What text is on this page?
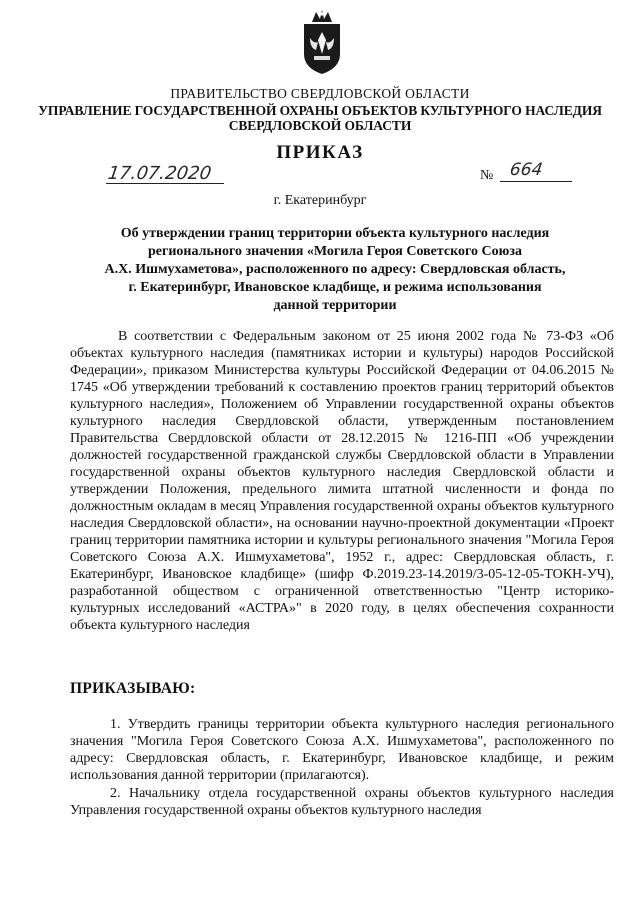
ПРАВИТЕЛЬСТВО СВЕРДЛОВСКОЙ ОБЛАСТИ
УПРАВЛЕНИЕ ГОСУДАРСТВЕННОЙ ОХРАНЫ ОБЪЕКТОВ КУЛЬТУРНОГО НАСЛЕДИЯ
СВЕРДЛОВСКОЙ ОБЛАСТИ
ПРИКАЗ
17.07.2020	№ 664
г. Екатеринбург
Об утверждении границ территории объекта культурного наследия
регионального значения «Могила Героя Советского Союза
А.Х. Ишмухаметова», расположенного по адресу: Свердловская область,
г. Екатеринбург, Ивановское кладбище, и режима использования
данной территории

В соответствии с Федеральным законом от 25 июня 2002 года № 73-ФЗ «Об объектах культурного наследия (памятниках истории и культуры) народов Российской Федерации», приказом Министерства культуры Российской Федерации от 04.06.2015 № 1745 «Об утверждении требований к составлению проектов границ территорий объектов культурного наследия», Положением об Управлении государственной охраны объектов культурного наследия Свердловской области, утвержденным постановлением Правительства Свердловской области от 28.12.2015 № 1216-ПП «Об учреждении должностей государственной гражданской службы Свердловской области в Управлении государственной охраны объектов культурного наследия Свердловской области и утверждении Положения, предельного лимита штатной численности и фонда по должностным окладам в месяц Управления государственной охраны объектов культурного наследия Свердловской области», на основании научно-проектной документации «Проект границ территории памятника истории и культуры регионального значения "Могила Героя Советского Союза А.Х. Ишмухаметова", 1952 г., адрес: Свердловская область, г. Екатеринбург, Ивановское кладбище» (шифр Ф.2019.23-14.2019/3-05-12-05-ТОКН-УЧ), разработанной обществом с ограниченной ответственностью "Центр историко-культурных исследований «АСТРА»" в 2020 году, в целях обеспечения сохранности объекта культурного наследия

ПРИКАЗЫВАЮ:

1. Утвердить границы территории объекта культурного наследия регионального значения "Могила Героя Советского Союза А.Х. Ишмухаметова", расположенного по адресу: Свердловская область, г. Екатеринбург, Ивановское кладбище, и режим использования данной территории (прилагаются).

2. Начальнику отдела государственной охраны объектов культурного наследия Управления государственной охраны объектов культурного наследия
